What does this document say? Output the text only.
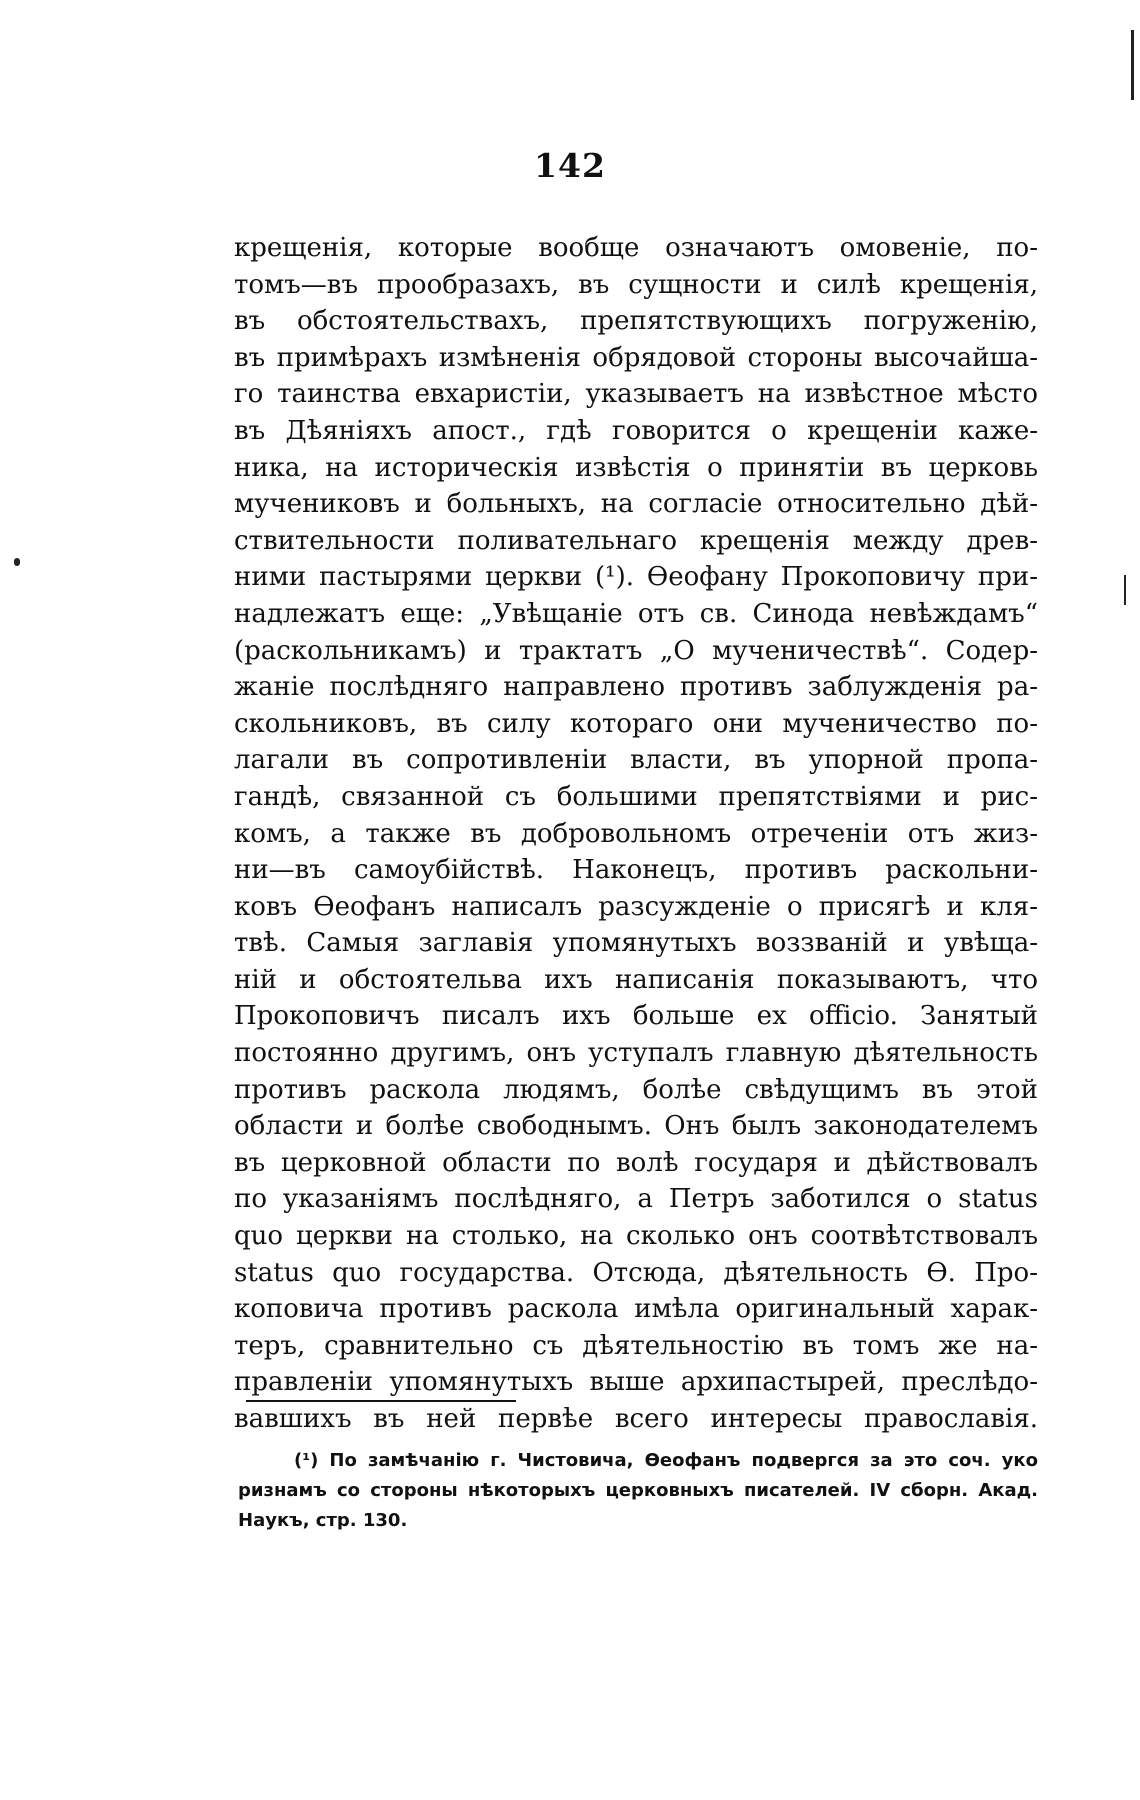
142
крещенія, которые вообще означаютъ омовеніе, по-
томъ—въ прообразахъ, въ сущности и силѣ крещенія,
въ обстоятельствахъ, препятствующихъ погруженію,
въ примѣрахъ измѣненія обрядовой стороны высочайша-
го таинства евхаристіи, указываетъ на извѣстное мѣсто
въ Дѣяніяхъ апост., гдѣ говорится о крещеніи каже-
ника, на историческія извѣстія о принятіи въ церковь
мучениковъ и больныхъ, на согласіе относительно дѣй-
ствительности поливательнаго крещенія между древ-
ними пастырями церкви (¹). Ѳеофану Прокоповичу при-
надлежатъ еще: „Увѣщаніе отъ св. Синода невѣждамъ“
(раскольникамъ) и трактатъ „О мученичествѣ“. Содер-
жаніе послѣдняго направлено противъ заблужденія ра-
скольниковъ, въ силу котораго они мученичество по-
лагали въ сопротивленіи власти, въ упорной пропа-
гандѣ, связанной съ большими препятствіями и рис-
комъ, а также въ добровольномъ отреченіи отъ жиз-
ни—въ самоубійствѣ. Наконецъ, противъ раскольни-
ковъ Ѳеофанъ написалъ разсужденіе о присягѣ и кля-
твѣ. Самыя заглавія упомянутыхъ воззваній и увѣща-
ній и обстоятельва ихъ написанія показываютъ, что
Прокоповичъ писалъ ихъ больше ex officio. Занятый
постоянно другимъ, онъ уступалъ главную дѣятельность
противъ раскола людямъ, болѣе свѣдущимъ въ этой
области и болѣе свободнымъ. Онъ былъ законодателемъ
въ церковной области по волѣ государя и дѣйствовалъ
по указаніямъ послѣдняго, а Петръ заботился о status
quo церкви на столько, на сколько онъ соотвѣтствовалъ
status quo государства. Отсюда, дѣятельность Ѳ. Про-
коповича противъ раскола имѣла оригинальный харак-
теръ, сравнительно съ дѣятельностію въ томъ же на-
правленіи упомянутыхъ выше архипастырей, преслѣдо-
вавшихъ въ ней первѣе всего интересы православія.
(¹) По замѣчанію г. Чистовича, Ѳеофанъ подвергся за это соч. уко
ризнамъ со стороны нѣкоторыхъ церковныхъ писателей. IV сборн. Акад.
Наукъ, стр. 130.
